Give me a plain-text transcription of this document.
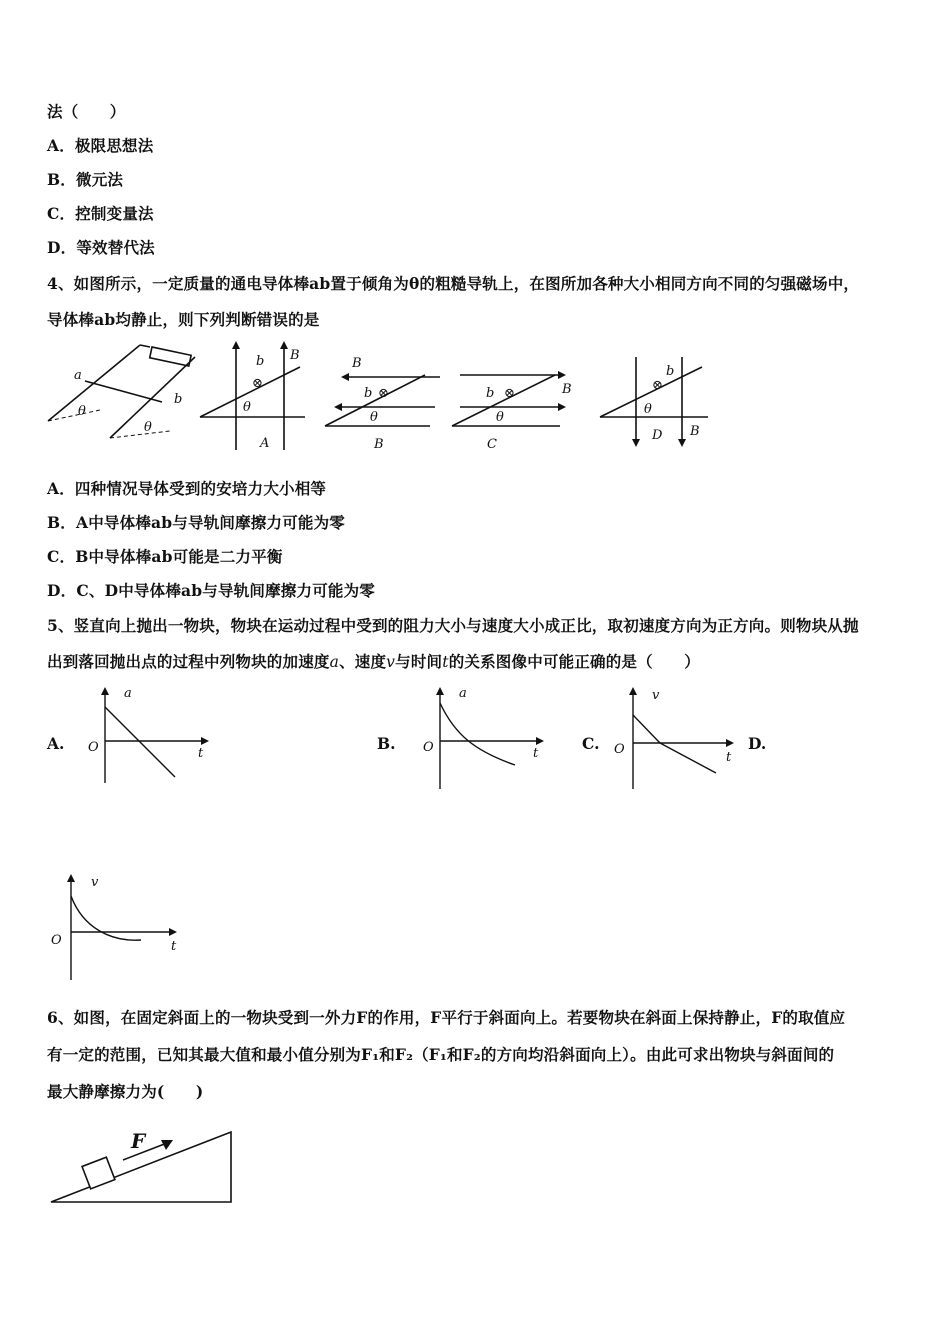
法（　　）
A．极限思想法
B．微元法
C．控制变量法
D．等效替代法
4、如图所示，一定质量的通电导体棒ab置于倾角为θ的粗糙导轨上，在图所加各种大小相同方向不同的匀强磁场中，
导体棒ab均静止，则下列判断错误的是
a
b
θ
θ
b
⊗
B
θ
A
B
b ⊗
θ
B
b ⊗	B
θ
C
b
⊗
θ
D B
A．四种情况导体受到的安培力大小相等
B．A中导体棒ab与导轨间摩擦力可能为零
C．B中导体棒ab可能是二力平衡
D．C、D中导体棒ab与导轨间摩擦力可能为零
5、竖直向上抛出一物块，物块在运动过程中受到的阻力大小与速度大小成正比，取初速度方向为正方向。则物块从抛
出到落回抛出点的过程中列物块的加速度a、速度v与时间t的关系图像中可能正确的是（　　）
A.	B.	C.	D.
a
O	t
a
O	t
v
O
t
v
O	t
6、如图，在固定斜面上的一物块受到一外力F的作用，F平行于斜面向上。若要物块在斜面上保持静止，F的取值应
有一定的范围，已知其最大值和最小值分别为F₁和F₂（F₁和F₂的方向均沿斜面向上）。由此可求出物块与斜面间的
最大静摩擦力为(　　)
F
